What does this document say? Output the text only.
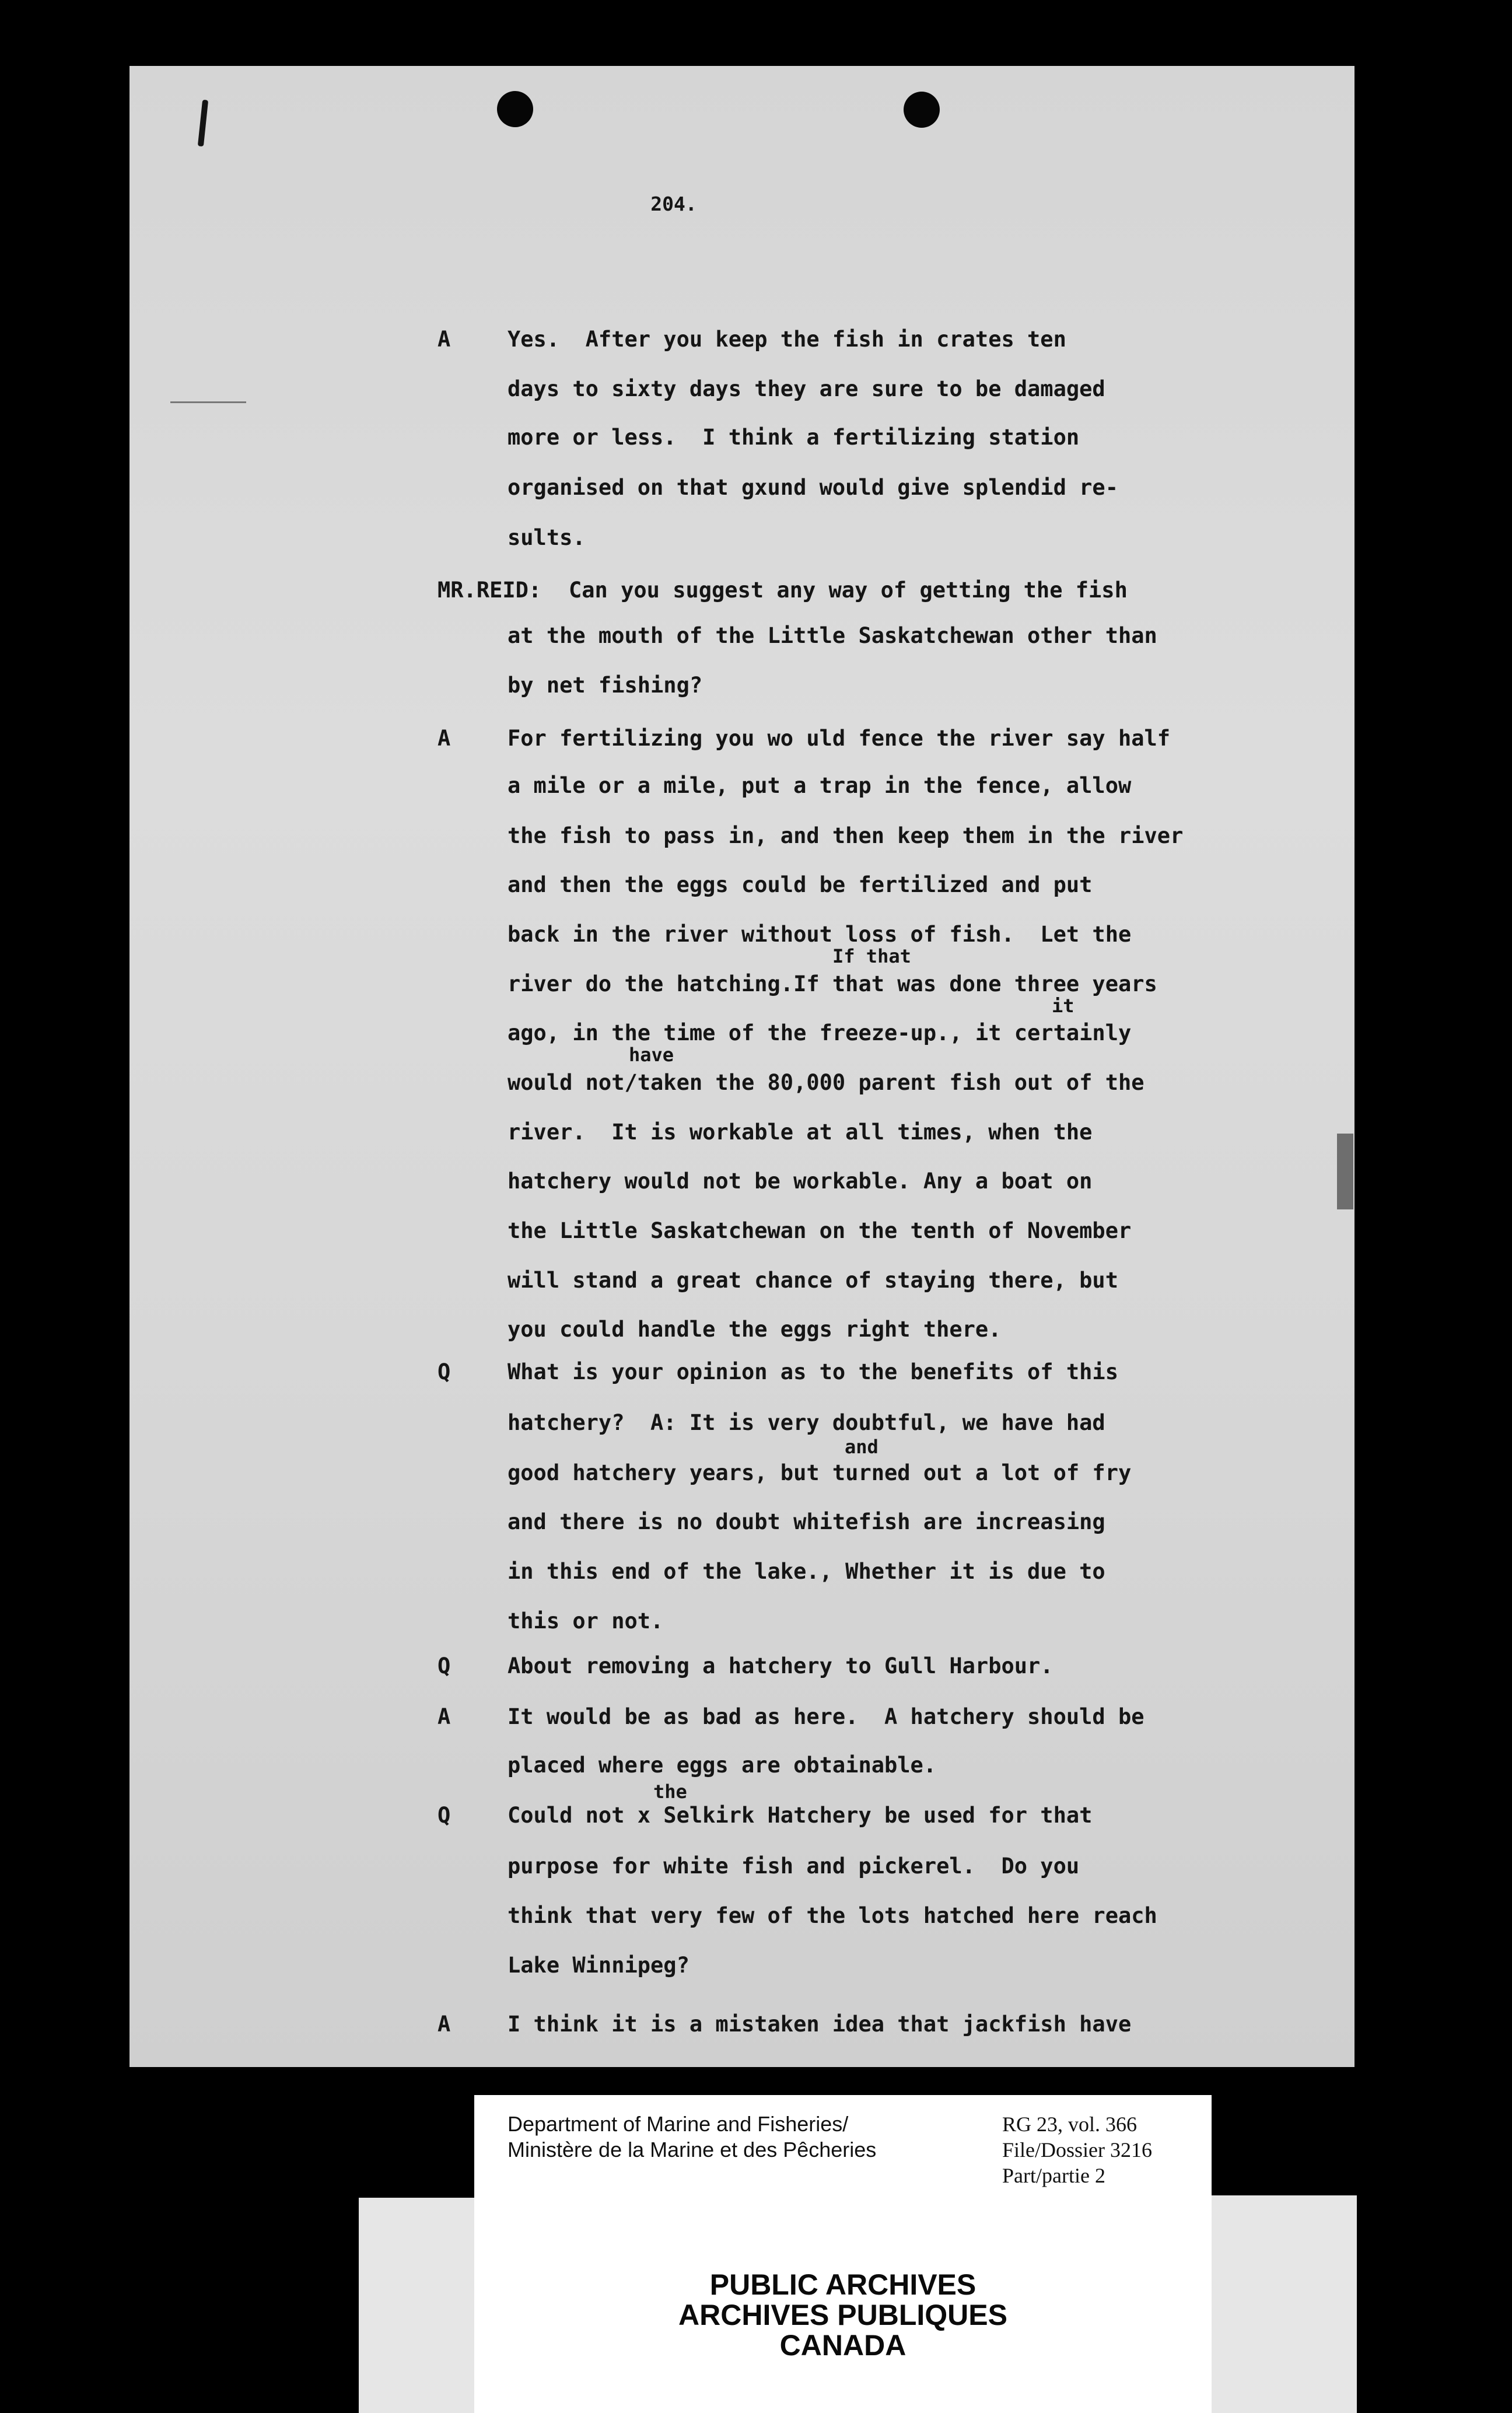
204.
A
MR.REID:
A
Q
Q
A
Q
A
Yes.  After you keep the fish in crates ten
days to sixty days they are sure to be damaged
more or less.  I think a fertilizing station
organised on that gxund would give splendid re-
sults.
Can you suggest any way of getting the fish
at the mouth of the Little Saskatchewan other than
by net fishing?
For fertilizing you wo uld fence the river say half
a mile or a mile, put a trap in the fence, allow
the fish to pass in, and then keep them in the river
and then the eggs could be fertilized and put
back in the river without loss of fish.  Let the
river do the hatching.If that was done three years
ago, in the time of the freeze-up., it certainly
would not/taken the 80,000 parent fish out of the
river.  It is workable at all times, when the
hatchery would not be workable. Any a boat on
the Little Saskatchewan on the tenth of November
will stand a great chance of staying there, but
you could handle the eggs right there.
What is your opinion as to the benefits of this
hatchery?  A: It is very doubtful, we have had
good hatchery years, but turned out a lot of fry
and there is no doubt whitefish are increasing
in this end of the lake., Whether it is due to
this or not.
About removing a hatchery to Gull Harbour.
It would be as bad as here.  A hatchery should be
placed where eggs are obtainable.
Could not x Selkirk Hatchery be used for that
purpose for white fish and pickerel.  Do you
think that very few of the lots hatched here reach
Lake Winnipeg?
I think it is a mistaken idea that jackfish have
If that
it
have
and
the
Department of Marine and Fisheries/
Ministère de la Marine et des Pêcheries
RG 23, vol. 366
File/Dossier 3216
Part/partie 2
PUBLIC ARCHIVES
ARCHIVES PUBLIQUES
CANADA
